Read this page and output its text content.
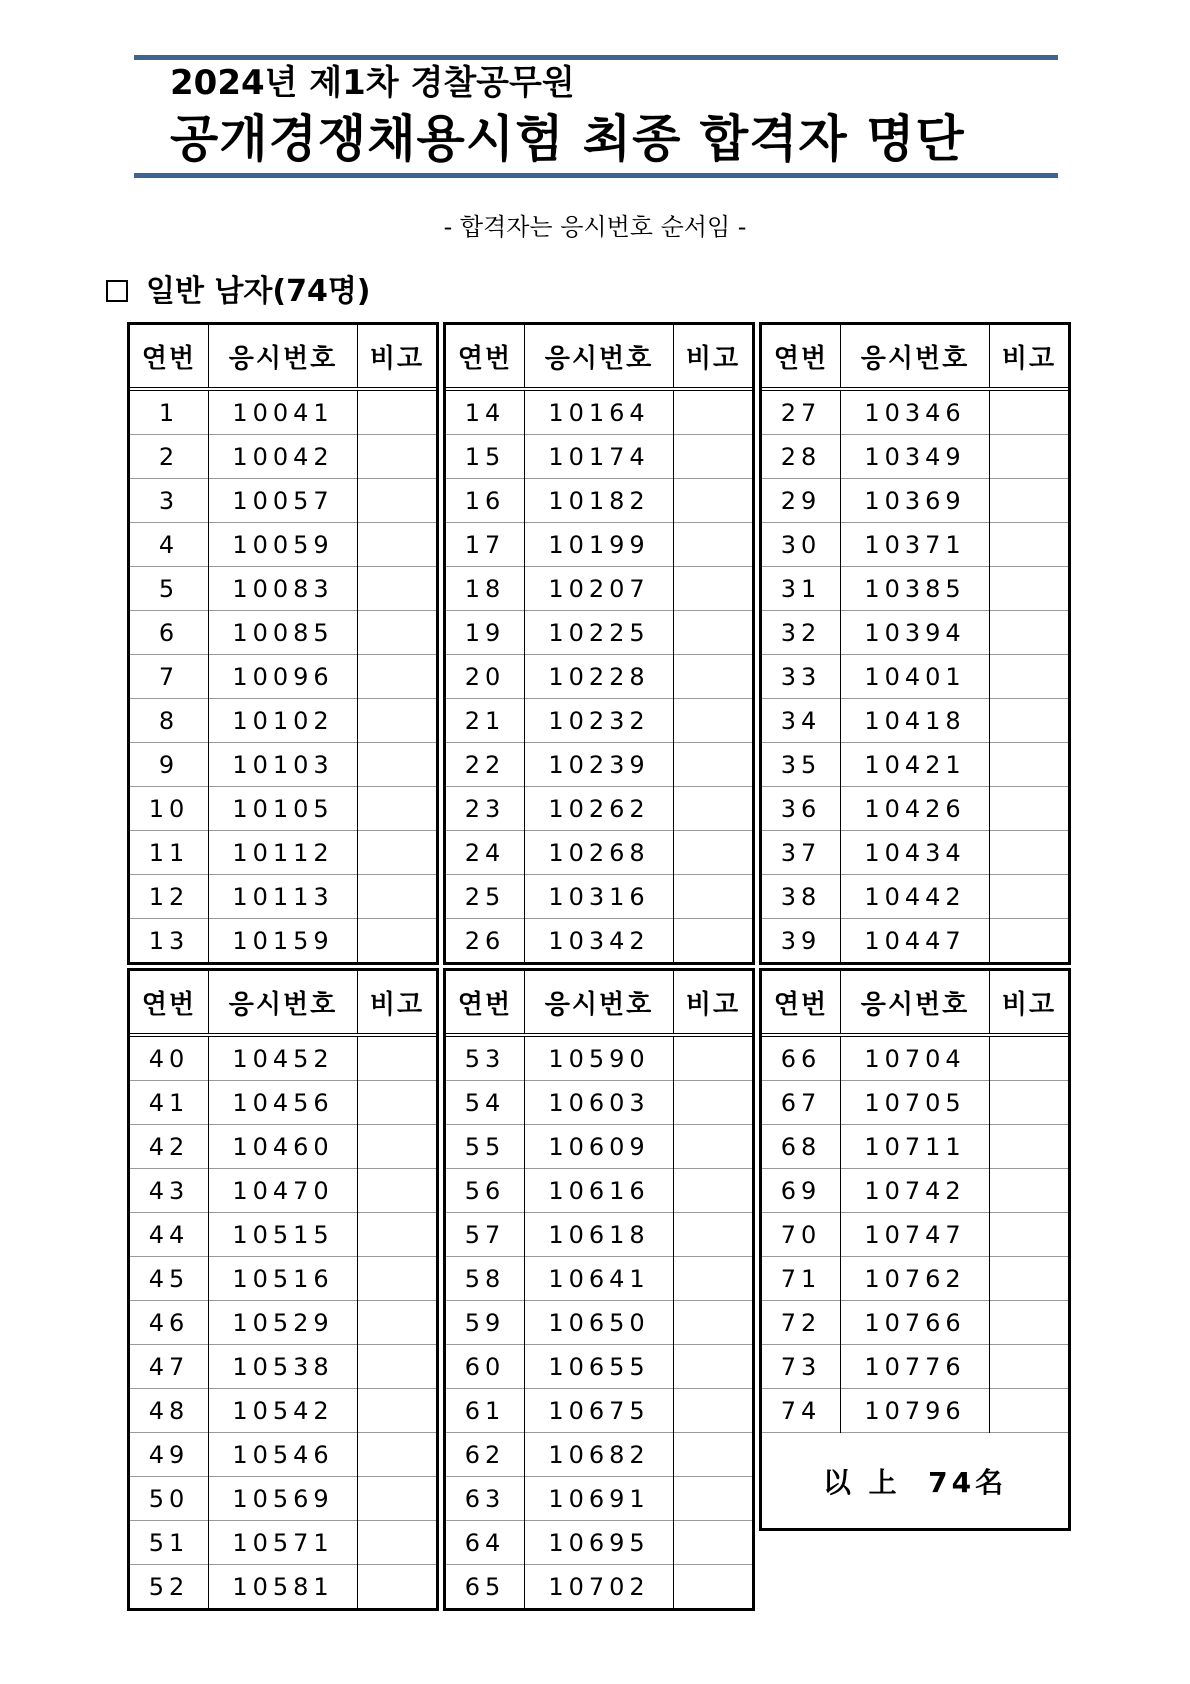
2024년 제1차 경찰공무원
공개경쟁채용시험 최종 합격자 명단
- 합격자는 응시번호 순서임 -
일반 남자(74명)
연번	응시번호	비고
1	10041	
2	10042	
3	10057	
4	10059	
5	10083	
6	10085	
7	10096	
8	10102	
9	10103	
10	10105	
11	10112	
12	10113	
13	10159	
연번	응시번호	비고
14	10164	
15	10174	
16	10182	
17	10199	
18	10207	
19	10225	
20	10228	
21	10232	
22	10239	
23	10262	
24	10268	
25	10316	
26	10342	
연번	응시번호	비고
27	10346	
28	10349	
29	10369	
30	10371	
31	10385	
32	10394	
33	10401	
34	10418	
35	10421	
36	10426	
37	10434	
38	10442	
39	10447	
연번	응시번호	비고
40	10452	
41	10456	
42	10460	
43	10470	
44	10515	
45	10516	
46	10529	
47	10538	
48	10542	
49	10546	
50	10569	
51	10571	
52	10581	
연번	응시번호	비고
53	10590	
54	10603	
55	10609	
56	10616	
57	10618	
58	10641	
59	10650	
60	10655	
61	10675	
62	10682	
63	10691	
64	10695	
65	10702	
연번	응시번호	비고
66	10704	
67	10705	
68	10711	
69	10742	
70	10747	
71	10762	
72	10766	
73	10776	
74	10796	
以 上  74名		
